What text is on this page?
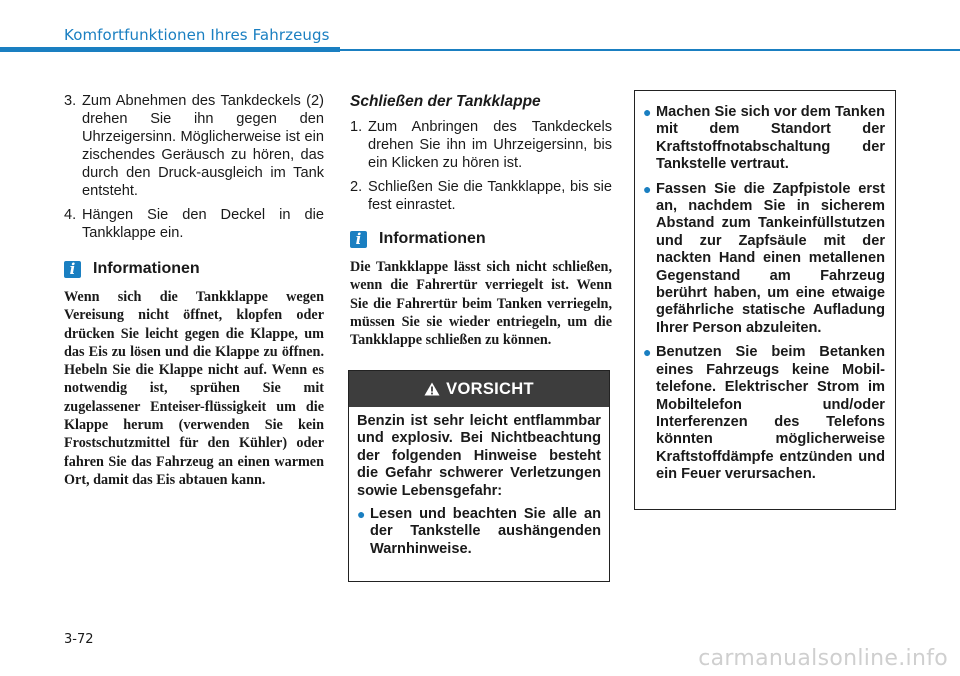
Komfortfunktionen Ihres Fahrzeugs
3. Zum Abnehmen des Tankdeckels (2) drehen Sie ihn gegen den Uhrzeigersinn. Möglicherweise ist ein zischendes Geräusch zu hören, das durch den Druck-ausgleich im Tank entsteht.
4. Hängen Sie den Deckel in die Tankklappe ein.
i	Informationen
Wenn sich die Tankklappe wegen Vereisung nicht öffnet, klopfen oder drücken Sie leicht gegen die Klappe, um das Eis zu lösen und die Klappe zu öffnen. Hebeln Sie die Klappe nicht auf. Wenn es notwendig ist, sprühen Sie mit zugelassener Enteiser-flüssigkeit um die Klappe herum (verwenden Sie kein Frostschutzmittel für den Kühler) oder fahren Sie das Fahrzeug an einen warmen Ort, damit das Eis abtauen kann.
Schließen der Tankklappe
1. Zum Anbringen des Tankdeckels drehen Sie ihn im Uhrzeigersinn, bis ein Klicken zu hören ist.
2. Schließen Sie die Tankklappe, bis sie fest einrastet.
i	Informationen
Die Tankklappe lässt sich nicht schließen, wenn die Fahrertür verriegelt ist. Wenn Sie die Fahrertür beim Tanken verriegeln, müssen Sie sie wieder entriegeln, um die Tankklappe schließen zu können.
VORSICHT
Benzin ist sehr leicht entflammbar und explosiv. Bei Nichtbeachtung der folgenden Hinweise besteht die Gefahr schwerer Verletzungen sowie Lebensgefahr:
● Lesen und beachten Sie alle an der Tankstelle aushängenden Warnhinweise.
● Machen Sie sich vor dem Tanken mit dem Standort der Kraftstoffnotabschaltung der Tankstelle vertraut.
● Fassen Sie die Zapfpistole erst an, nachdem Sie in sicherem Abstand zum Tankeinfüllstutzen und zur Zapfsäule mit der nackten Hand einen metallenen Gegenstand am Fahrzeug berührt haben, um eine etwaige gefährliche statische Aufladung Ihrer Person abzuleiten.
● Benutzen Sie beim Betanken eines Fahrzeugs keine Mobil-telefone. Elektrischer Strom im Mobiltelefon und/oder Interferenzen des Telefons könnten möglicherweise Kraftstoffdämpfe entzünden und ein Feuer verursachen.
3-72
carmanualsonline.info
